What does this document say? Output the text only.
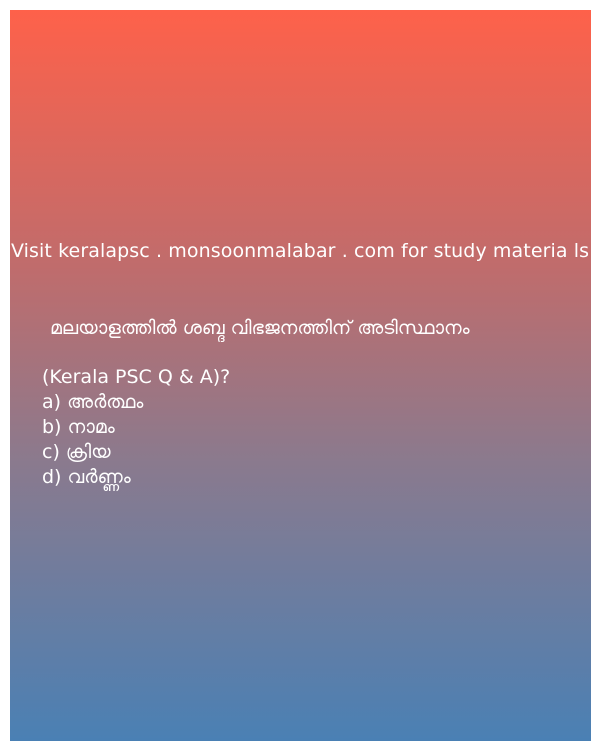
Visit keralapsc . monsoonmalabar . com for study materia ls

മലയാളത്തിൽ ശബ്ദ വിഭജനത്തിന് അടിസ്ഥാനം

(Kerala PSC Q & A)?

a) അർത്ഥം
b) നാമം
c) ക്രിയ
d) വർണ്ണം
